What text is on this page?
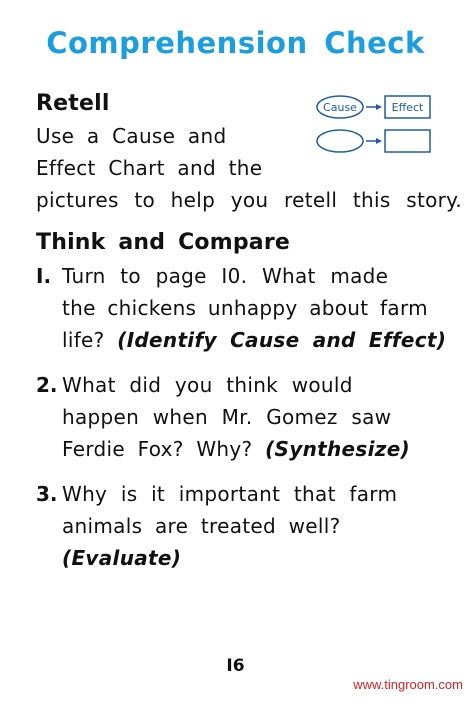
Comprehension Check
Retell
Use a Cause and
Effect Chart and the
pictures to help you retell this story.
Cause	Effect
Think and Compare
I. Turn to page I0. What made
the chickens unhappy about farm
life? (Identify Cause and Effect)
2. What did you think would
happen when Mr. Gomez saw
Ferdie Fox? Why? (Synthesize)
3. Why is it important that farm
animals are treated well?
(Evaluate)
I6
www.tingroom.com
